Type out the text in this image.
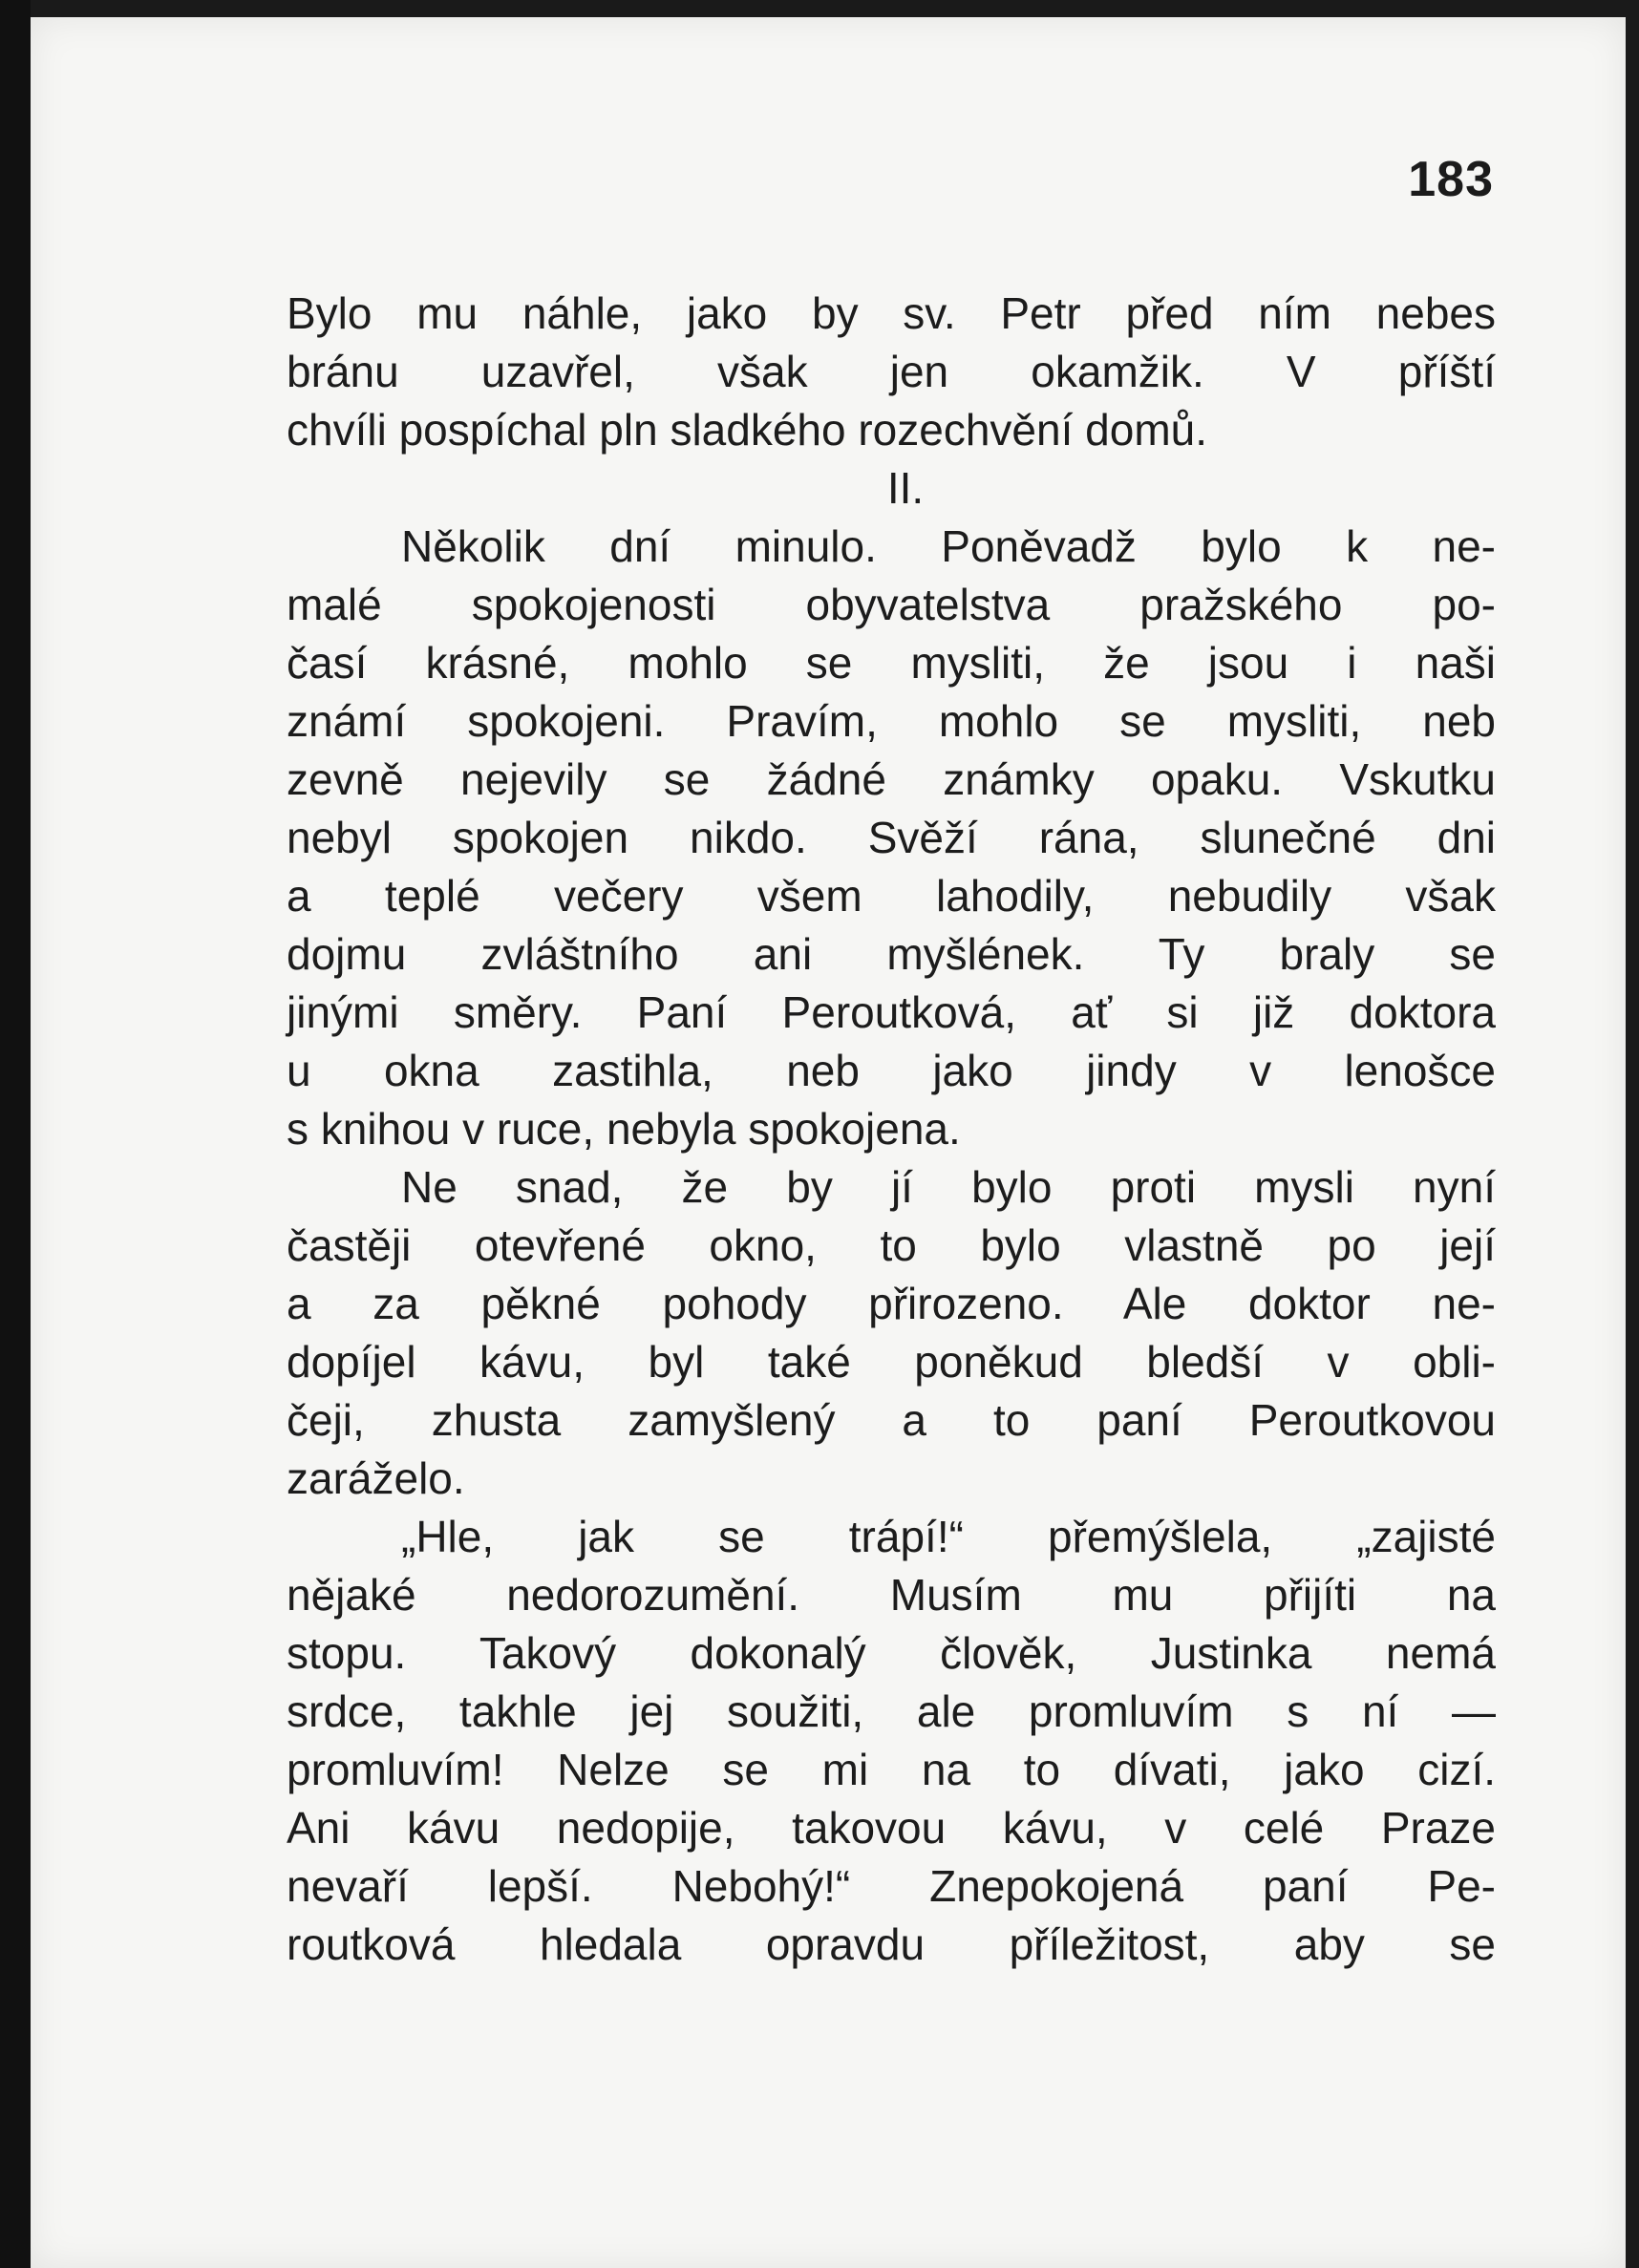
183
Bylo mu náhle, jako by sv. Petr před ním nebes
bránu uzavřel, však jen okamžik. V příští
chvíli pospíchal pln sladkého rozechvění domů.
II.
Několik dní minulo. Poněvadž bylo k ne-
malé spokojenosti obyvatelstva pražského po-
časí krásné, mohlo se mysliti, že jsou i naši
známí spokojeni. Pravím, mohlo se mysliti, neb
zevně nejevily se žádné známky opaku. Vskutku
nebyl spokojen nikdo. Svěží rána, slunečné dni
a teplé večery všem lahodily, nebudily však
dojmu zvláštního ani myšlének. Ty braly se
jinými směry. Paní Peroutková, ať si již doktora
u okna zastihla, neb jako jindy v lenošce
s knihou v ruce, nebyla spokojena.
Ne snad, že by jí bylo proti mysli nyní
častěji otevřené okno, to bylo vlastně po její
a za pěkné pohody přirozeno. Ale doktor ne-
dopíjel kávu, byl také poněkud bledší v obli-
čeji, zhusta zamyšlený a to paní Peroutkovou
zaráželo.
„Hle, jak se trápí!“ přemýšlela, „zajisté
nějaké nedorozumění. Musím mu přijíti na
stopu. Takový dokonalý člověk, Justinka nemá
srdce, takhle jej soužiti, ale promluvím s ní —
promluvím! Nelze se mi na to dívati, jako cizí.
Ani kávu nedopije, takovou kávu, v celé Praze
nevaří lepší. Nebohý!“ Znepokojená paní Pe-
routková hledala opravdu příležitost, aby se
